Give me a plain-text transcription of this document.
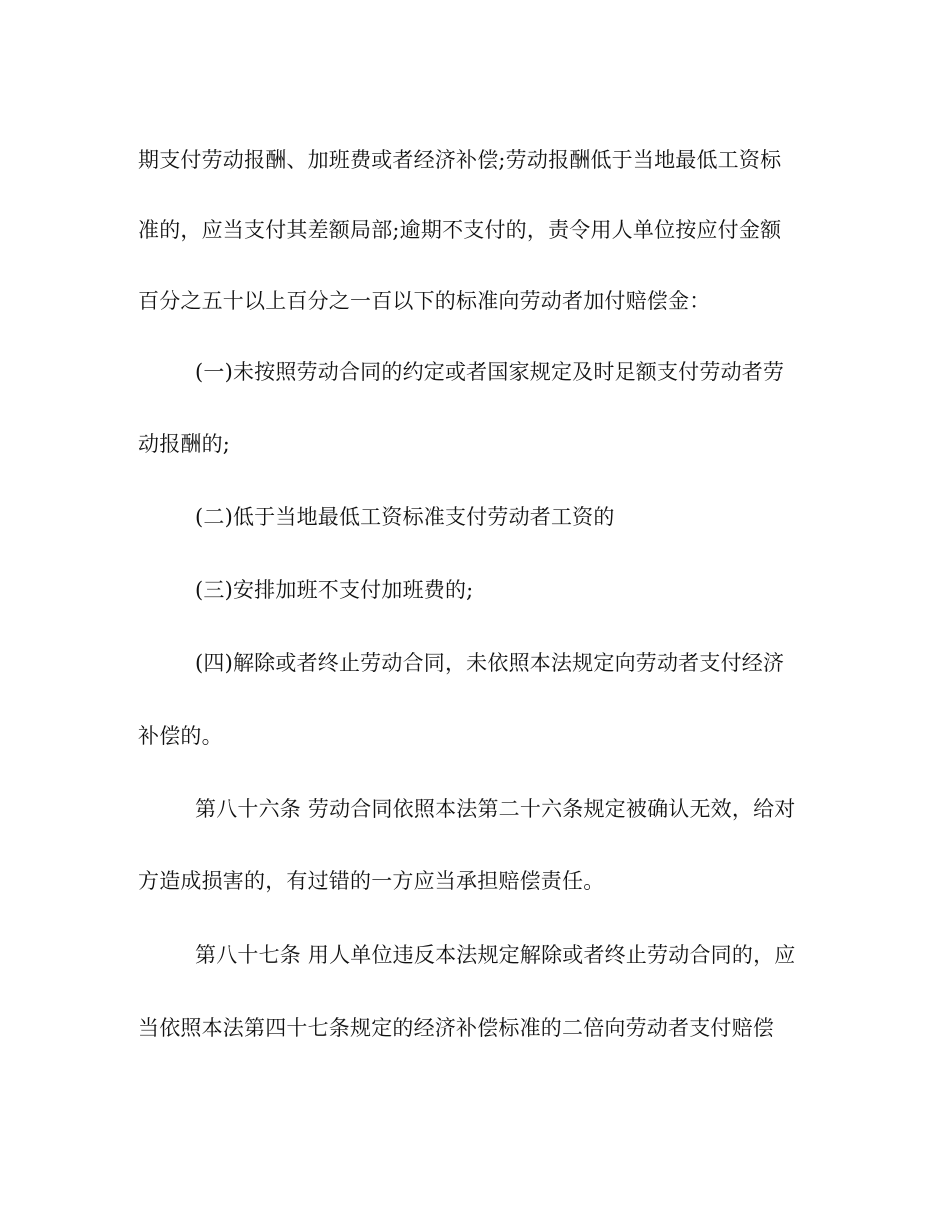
期支付劳动报酬、加班费或者经济补偿;劳动报酬低于当地最低工资标
准的，应当支付其差额局部;逾期不支付的，责令用人单位按应付金额
百分之五十以上百分之一百以下的标准向劳动者加付赔偿金：
(一)未按照劳动合同的约定或者国家规定及时足额支付劳动者劳
动报酬的;
(二)低于当地最低工资标准支付劳动者工资的
(三)安排加班不支付加班费的;
(四)解除或者终止劳动合同，未依照本法规定向劳动者支付经济
补偿的。
第八十六条 劳动合同依照本法第二十六条规定被确认无效，给对
方造成损害的，有过错的一方应当承担赔偿责任。
第八十七条 用人单位违反本法规定解除或者终止劳动合同的，应
当依照本法第四十七条规定的经济补偿标准的二倍向劳动者支付赔偿
